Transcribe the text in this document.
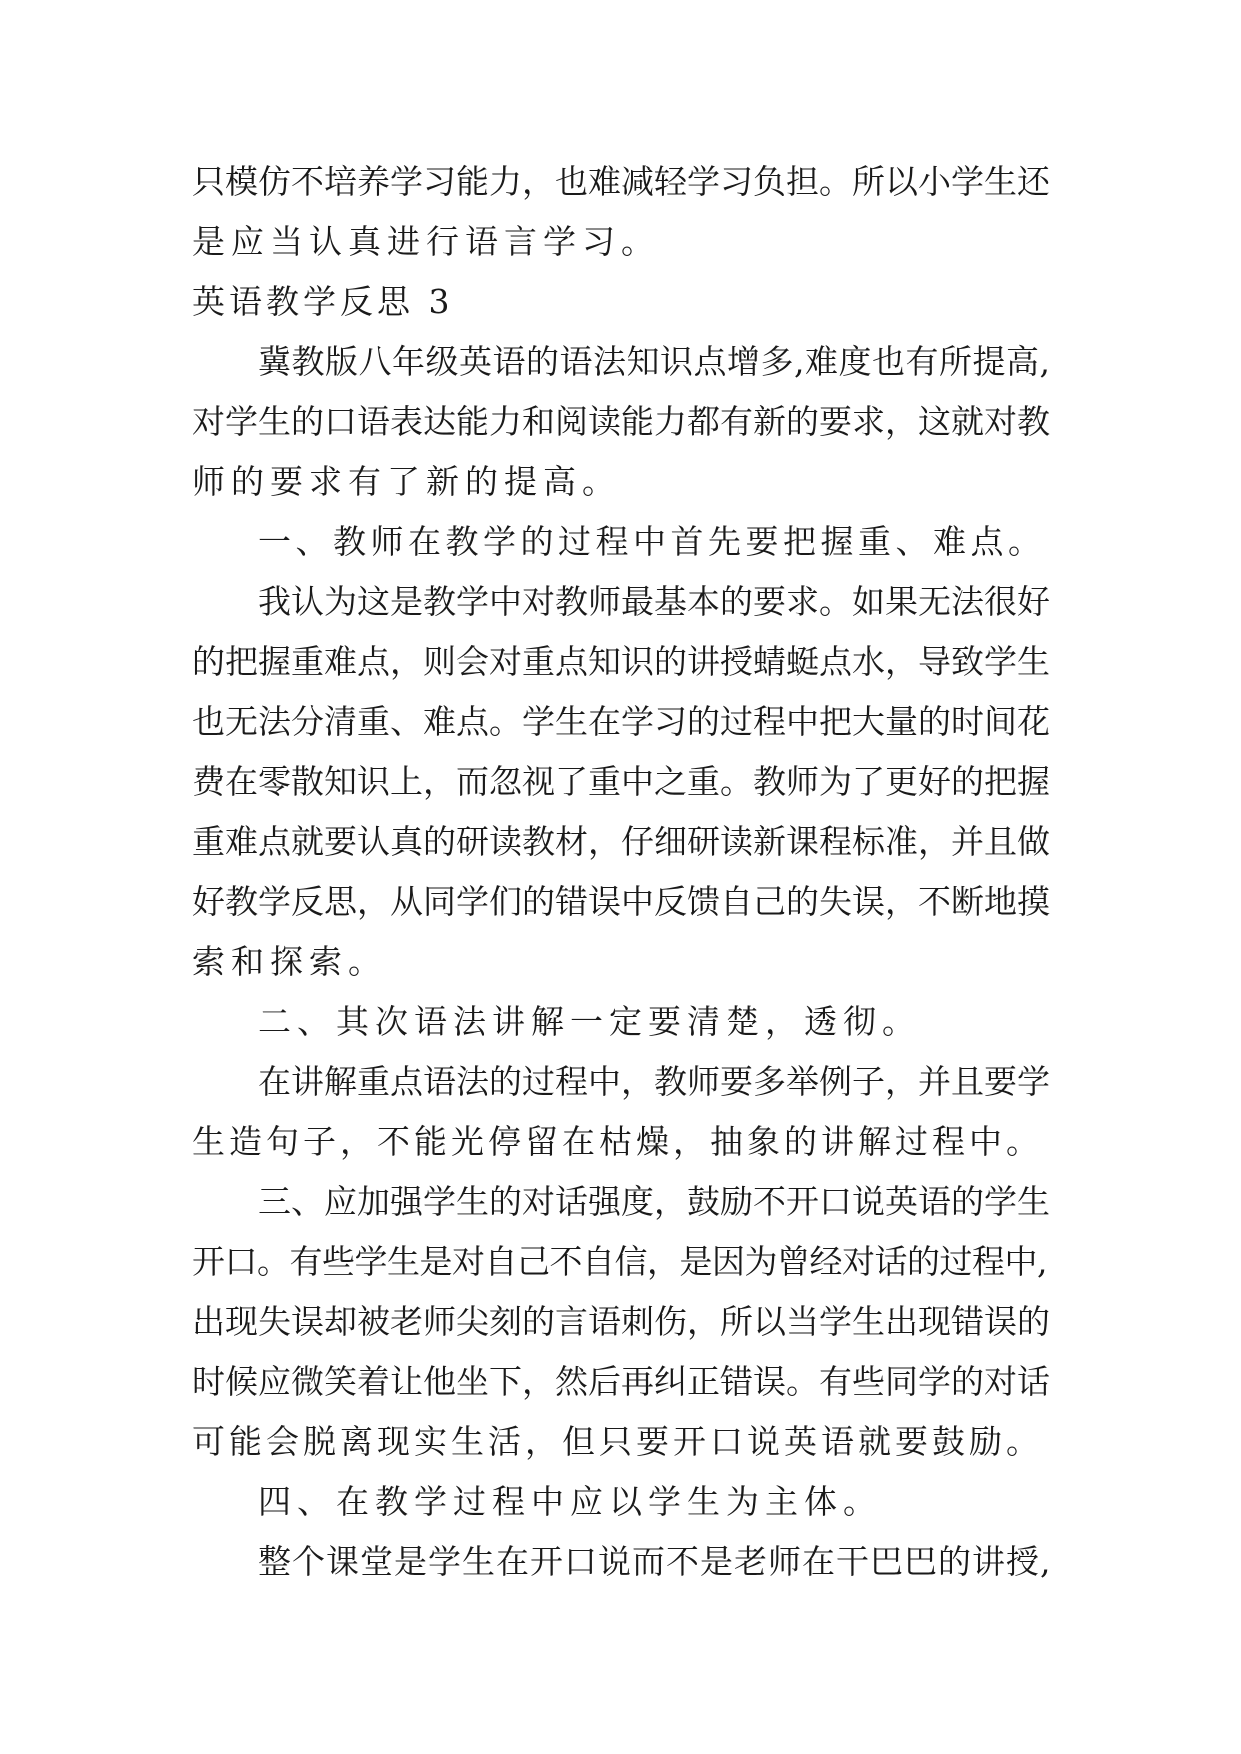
只模仿不培养学习能力，也难减轻学习负担。所以小学生还
是应当认真进行语言学习。
英语教学反思 3
冀教版八年级英语的语法知识点增多,难度也有所提高,
对学生的口语表达能力和阅读能力都有新的要求，这就对教
师的要求有了新的提高。
一、教师在教学的过程中首先要把握重、难点。
我认为这是教学中对教师最基本的要求。如果无法很好
的把握重难点，则会对重点知识的讲授蜻蜓点水，导致学生
也无法分清重、难点。学生在学习的过程中把大量的时间花
费在零散知识上，而忽视了重中之重。教师为了更好的把握
重难点就要认真的研读教材，仔细研读新课程标准，并且做
好教学反思，从同学们的错误中反馈自己的失误，不断地摸
索和探索。
二、其次语法讲解一定要清楚，透彻。
在讲解重点语法的过程中，教师要多举例子，并且要学
生造句子，不能光停留在枯燥，抽象的讲解过程中。
三、应加强学生的对话强度，鼓励不开口说英语的学生
开口。有些学生是对自己不自信，是因为曾经对话的过程中,
出现失误却被老师尖刻的言语刺伤，所以当学生出现错误的
时候应微笑着让他坐下，然后再纠正错误。有些同学的对话
可能会脱离现实生活，但只要开口说英语就要鼓励。
四、在教学过程中应以学生为主体。
整个课堂是学生在开口说而不是老师在干巴巴的讲授,
